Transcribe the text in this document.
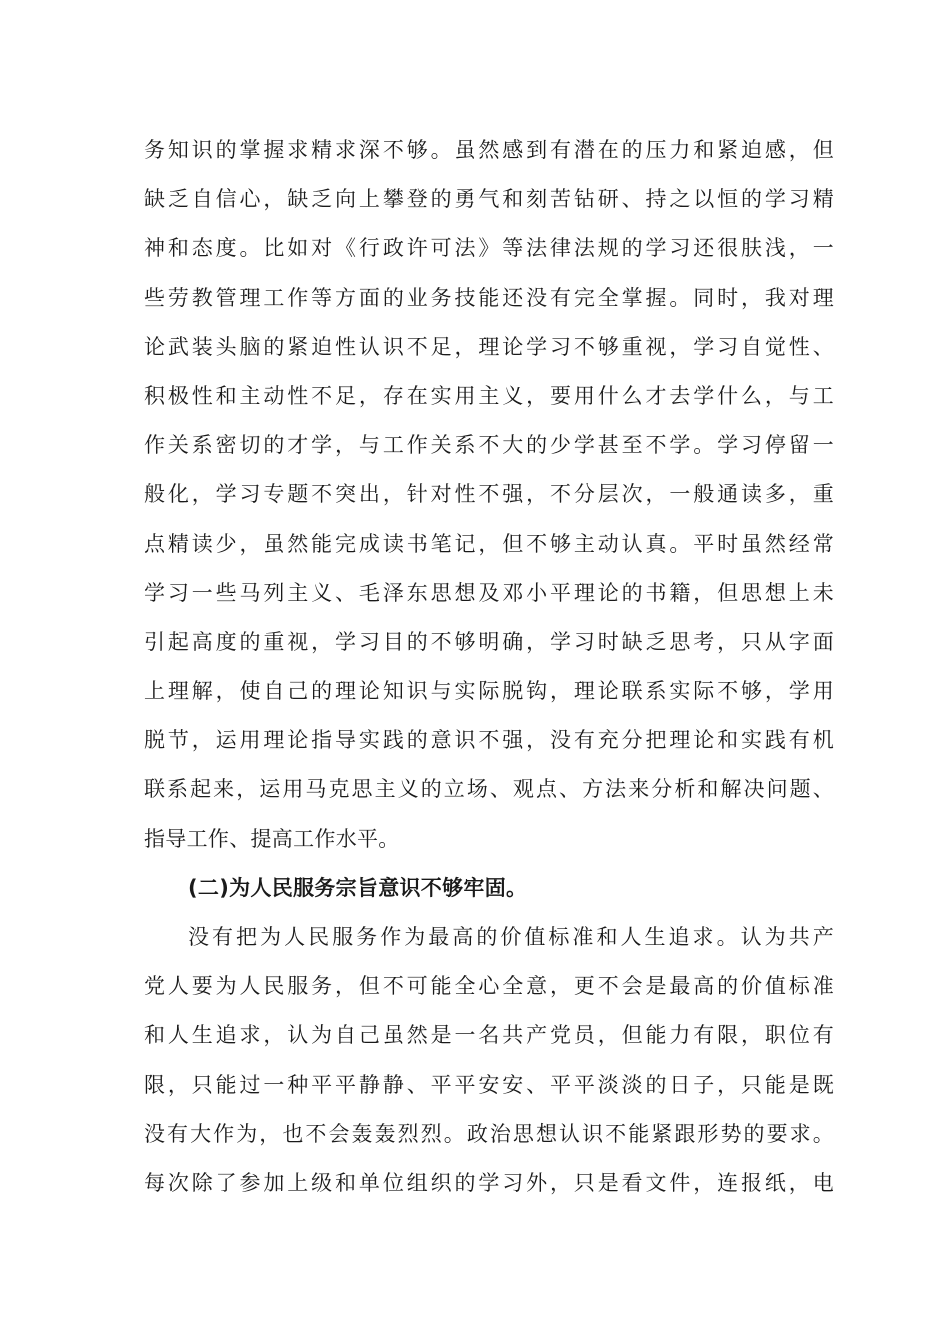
务知识的掌握求精求深不够。虽然感到有潜在的压力和紧迫感，但
缺乏自信心，缺乏向上攀登的勇气和刻苦钻研、持之以恒的学习精
神和态度。比如对《行政许可法》等法律法规的学习还很肤浅，一
些劳教管理工作等方面的业务技能还没有完全掌握。同时，我对理
论武装头脑的紧迫性认识不足，理论学习不够重视，学习自觉性、
积极性和主动性不足，存在实用主义，要用什么才去学什么，与工
作关系密切的才学，与工作关系不大的少学甚至不学。学习停留一
般化，学习专题不突出，针对性不强，不分层次，一般通读多，重
点精读少，虽然能完成读书笔记，但不够主动认真。平时虽然经常
学习一些马列主义、毛泽东思想及邓小平理论的书籍，但思想上未
引起高度的重视，学习目的不够明确，学习时缺乏思考，只从字面
上理解，使自己的理论知识与实际脱钩，理论联系实际不够，学用
脱节，运用理论指导实践的意识不强，没有充分把理论和实践有机
联系起来，运用马克思主义的立场、观点、方法来分析和解决问题、
指导工作、提高工作水平。
(二)为人民服务宗旨意识不够牢固。
没有把为人民服务作为最高的价值标准和人生追求。认为共产
党人要为人民服务，但不可能全心全意，更不会是最高的价值标准
和人生追求，认为自己虽然是一名共产党员，但能力有限，职位有
限，只能过一种平平静静、平平安安、平平淡淡的日子，只能是既
没有大作为，也不会轰轰烈烈。政治思想认识不能紧跟形势的要求。
每次除了参加上级和单位组织的学习外，只是看文件，连报纸，电
